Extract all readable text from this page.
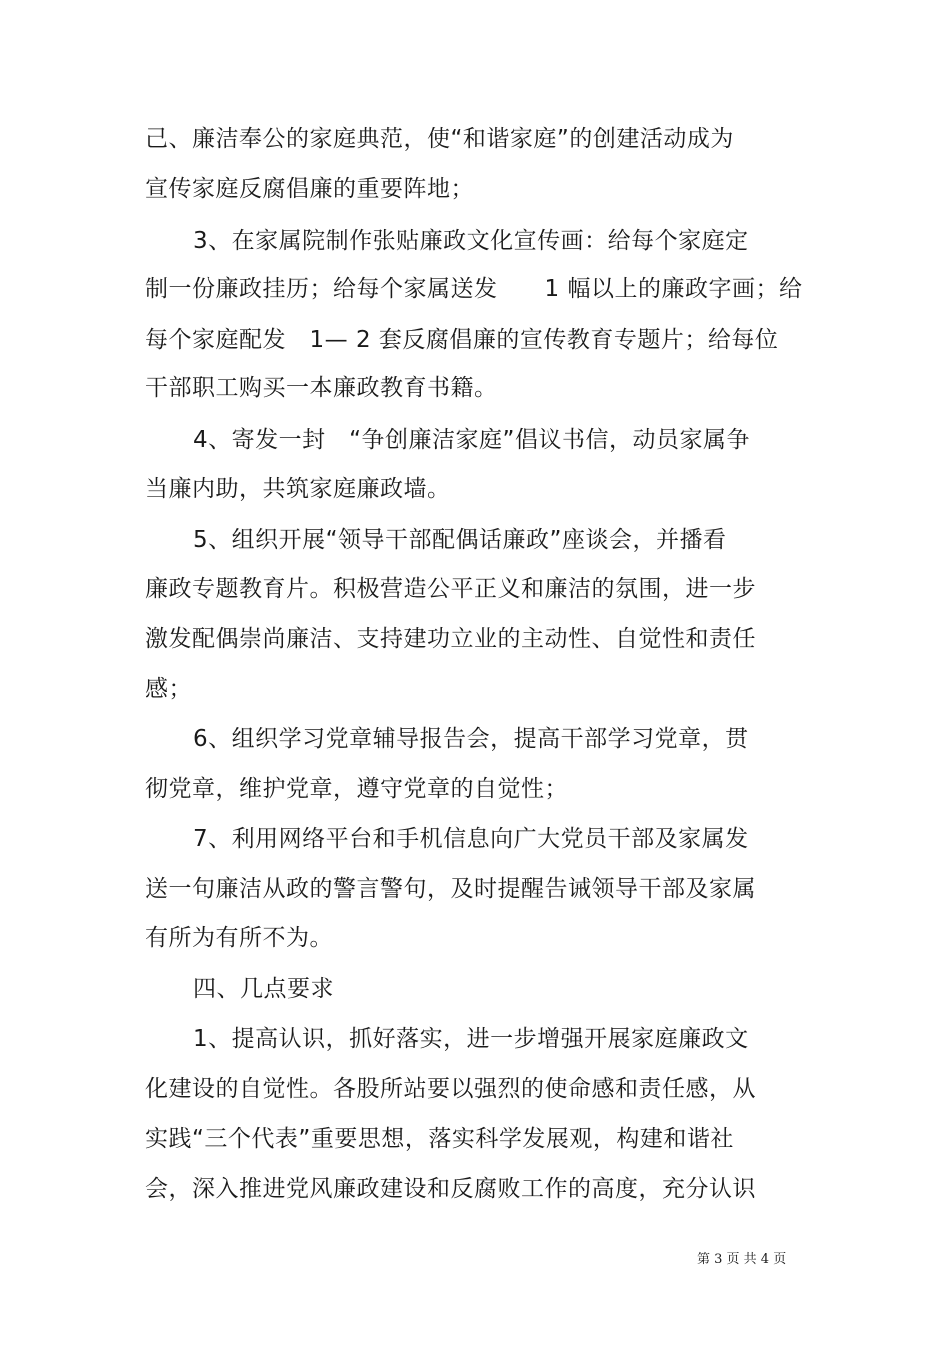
己、廉洁奉公的家庭典范，使“和谐家庭”的创建活动成为
宣传家庭反腐倡廉的重要阵地；
3、在家属院制作张贴廉政文化宣传画：给每个家庭定
制一份廉政挂历；给每个家属送发　　1 幅以上的廉政字画；给
每个家庭配发　1— 2 套反腐倡廉的宣传教育专题片；给每位
干部职工购买一本廉政教育书籍。
4、寄发一封　“争创廉洁家庭”倡议书信，动员家属争
当廉内助，共筑家庭廉政墙。
5、组织开展“领导干部配偶话廉政”座谈会，并播看
廉政专题教育片。积极营造公平正义和廉洁的氛围，进一步
激发配偶崇尚廉洁、支持建功立业的主动性、自觉性和责任
感；
6、组织学习党章辅导报告会，提高干部学习党章，贯
彻党章，维护党章，遵守党章的自觉性；
7、利用网络平台和手机信息向广大党员干部及家属发
送一句廉洁从政的警言警句，及时提醒告诫领导干部及家属
有所为有所不为。
四、几点要求
1、提高认识，抓好落实，进一步增强开展家庭廉政文
化建设的自觉性。各股所站要以强烈的使命感和责任感，从
实践“三个代表”重要思想，落实科学发展观，构建和谐社
会，深入推进党风廉政建设和反腐败工作的高度，充分认识
第 3 页 共 4 页
